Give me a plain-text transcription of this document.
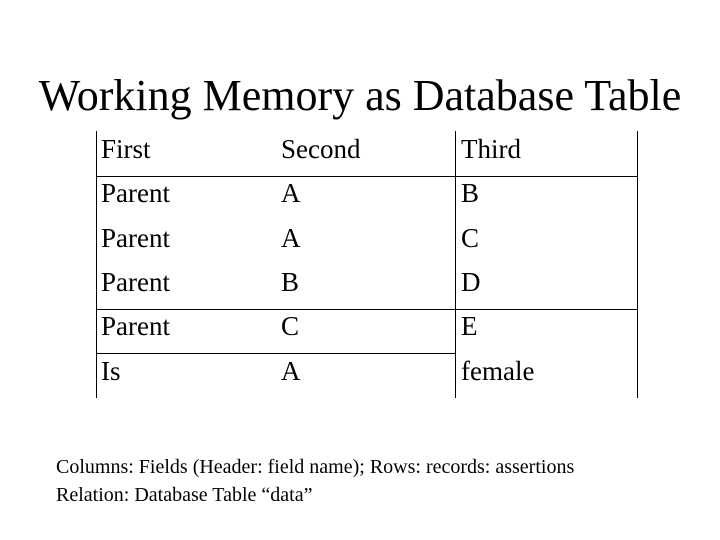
Working Memory as Database Table
First	Second	Third
Parent	A	B
Parent	A	C
Parent	B	D
Parent	C	E
Is	A	female
Columns: Fields (Header: field name); Rows: records: assertions
Relation: Database Table “data”
